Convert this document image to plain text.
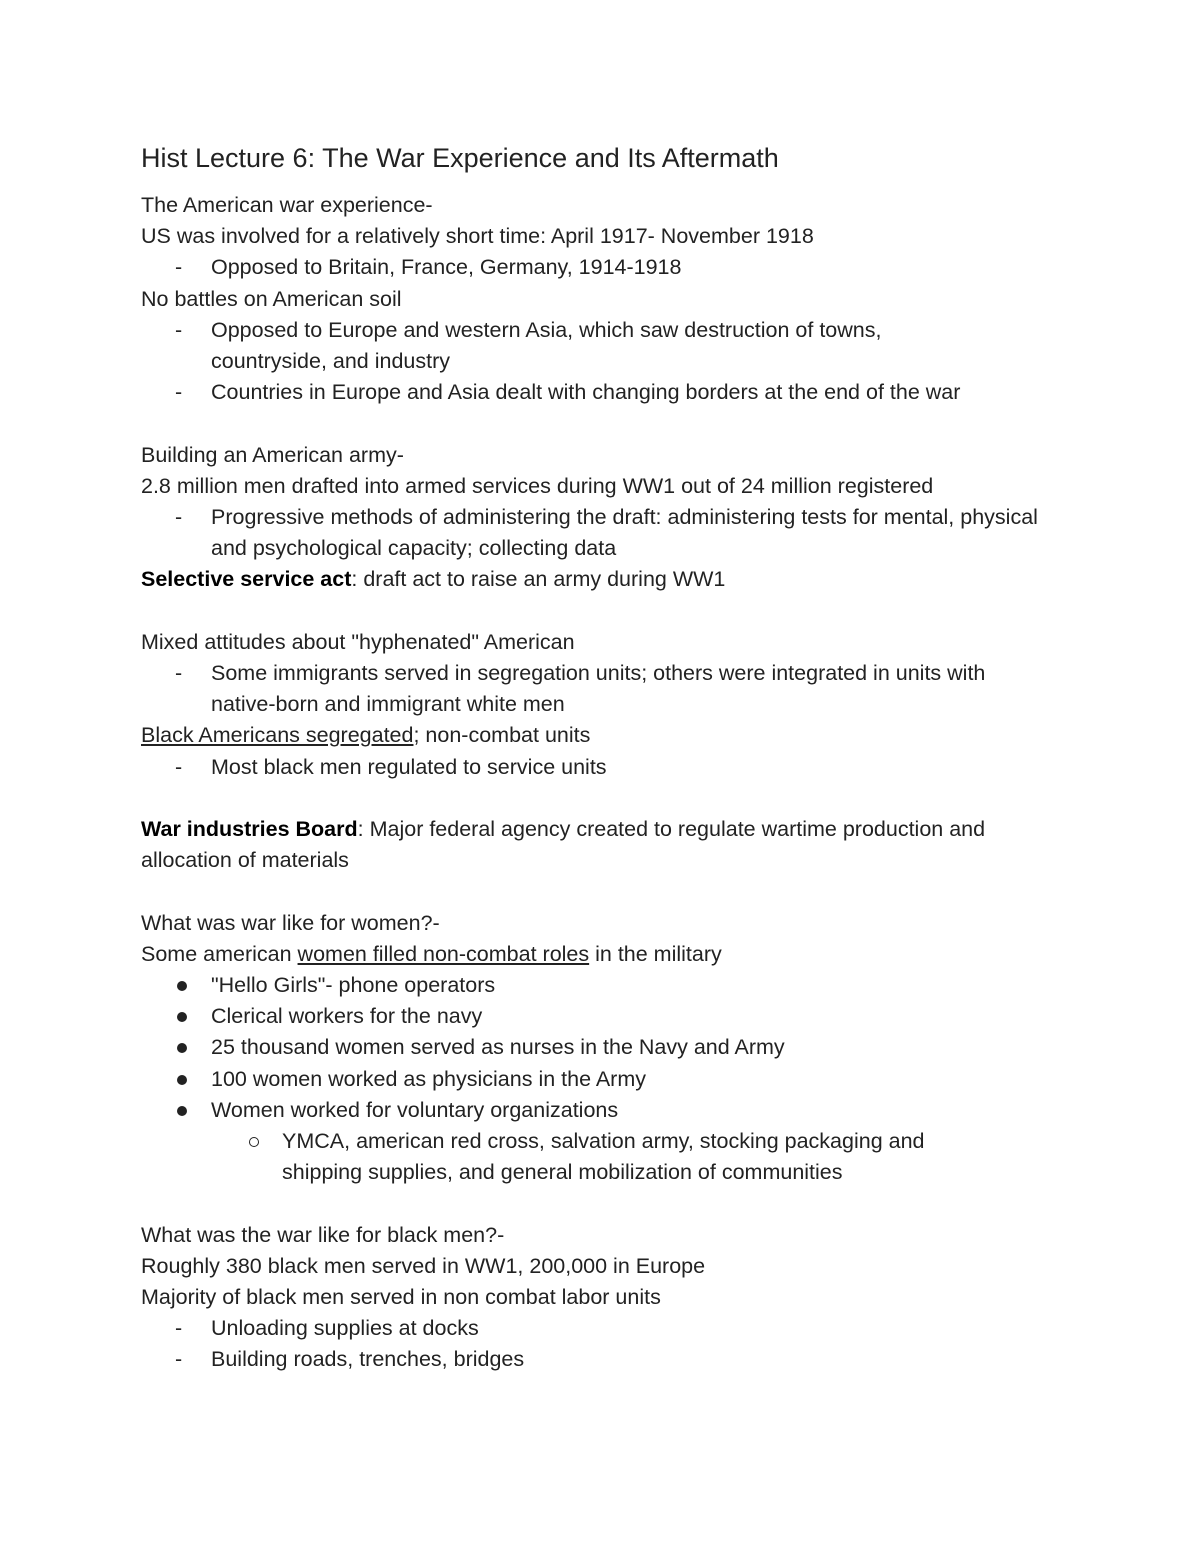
Hist Lecture 6: The War Experience and Its Aftermath

The American war experience-

US was involved for a relatively short time: April 1917- November 1918

- Opposed to Britain, France, Germany, 1914-1918

No battles on American soil

- Opposed to Europe and western Asia, which saw destruction of towns, countryside, and industry
- Countries in Europe and Asia dealt with changing borders at the end of the war

Building an American army-

2.8 million men drafted into armed services during WW1 out of 24 million registered

- Progressive methods of administering the draft: administering tests for mental, physical and psychological capacity; collecting data

Selective service act: draft act to raise an army during WW1

Mixed attitudes about "hyphenated" American

- Some immigrants served in segregation units; others were integrated in units with native-born and immigrant white men

Black Americans segregated; non-combat units

- Most black men regulated to service units

War industries Board: Major federal agency created to regulate wartime production and allocation of materials

What was war like for women?-

Some american women filled non-combat roles in the military

"Hello Girls"- phone operators
Clerical workers for the navy
25 thousand women served as nurses in the Navy and Army
100 women worked as physicians in the Army
Women worked for voluntary organizations
YMCA, american red cross, salvation army, stocking packaging and shipping supplies, and general mobilization of communities

What was the war like for black men?-

Roughly 380 black men served in WW1, 200,000 in Europe

Majority of black men served in non combat labor units

- Unloading supplies at docks
- Building roads, trenches, bridges
